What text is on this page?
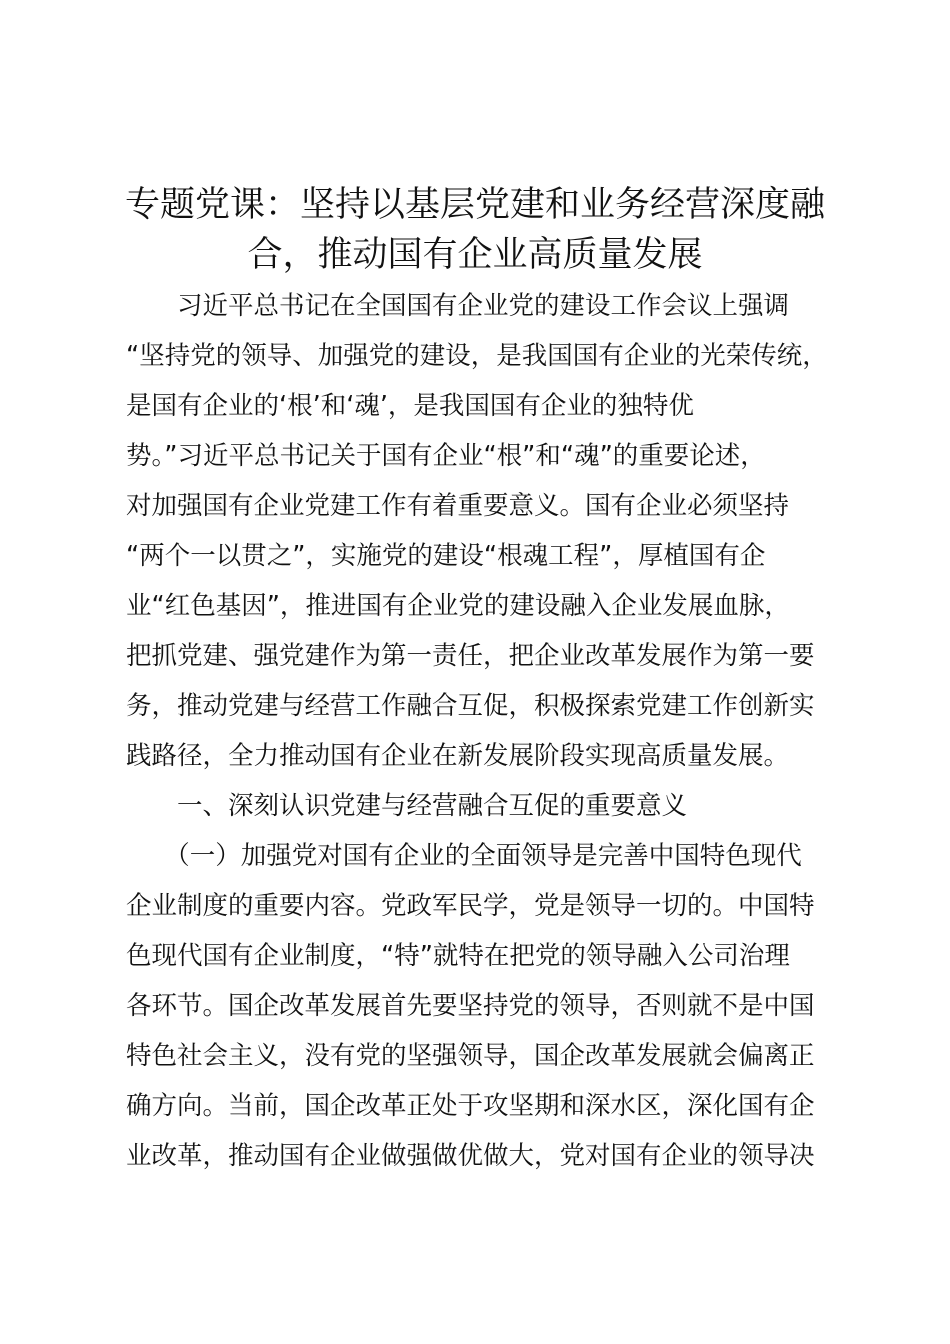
专题党课：坚持以基层党建和业务经营深度融
合，推动国有企业高质量发展

　　习近平总书记在全国国有企业党的建设工作会议上强调

“坚持党的领导、加强党的建设，是我国国有企业的光荣传统，

是国有企业的‘根’和‘魂’，是我国国有企业的独特优

势。”习近平总书记关于国有企业“根”和“魂”的重要论述，

对加强国有企业党建工作有着重要意义。国有企业必须坚持

“两个一以贯之”，实施党的建设“根魂工程”，厚植国有企

业“红色基因”，推进国有企业党的建设融入企业发展血脉，

把抓党建、强党建作为第一责任，把企业改革发展作为第一要

务，推动党建与经营工作融合互促，积极探索党建工作创新实

践路径，全力推动国有企业在新发展阶段实现高质量发展。

　　一、深刻认识党建与经营融合互促的重要意义

　　（一）加强党对国有企业的全面领导是完善中国特色现代

企业制度的重要内容。党政军民学，党是领导一切的。中国特

色现代国有企业制度，“特”就特在把党的领导融入公司治理

各环节。国企改革发展首先要坚持党的领导，否则就不是中国

特色社会主义，没有党的坚强领导，国企改革发展就会偏离正

确方向。当前，国企改革正处于攻坚期和深水区，深化国有企

业改革，推动国有企业做强做优做大，党对国有企业的领导决
